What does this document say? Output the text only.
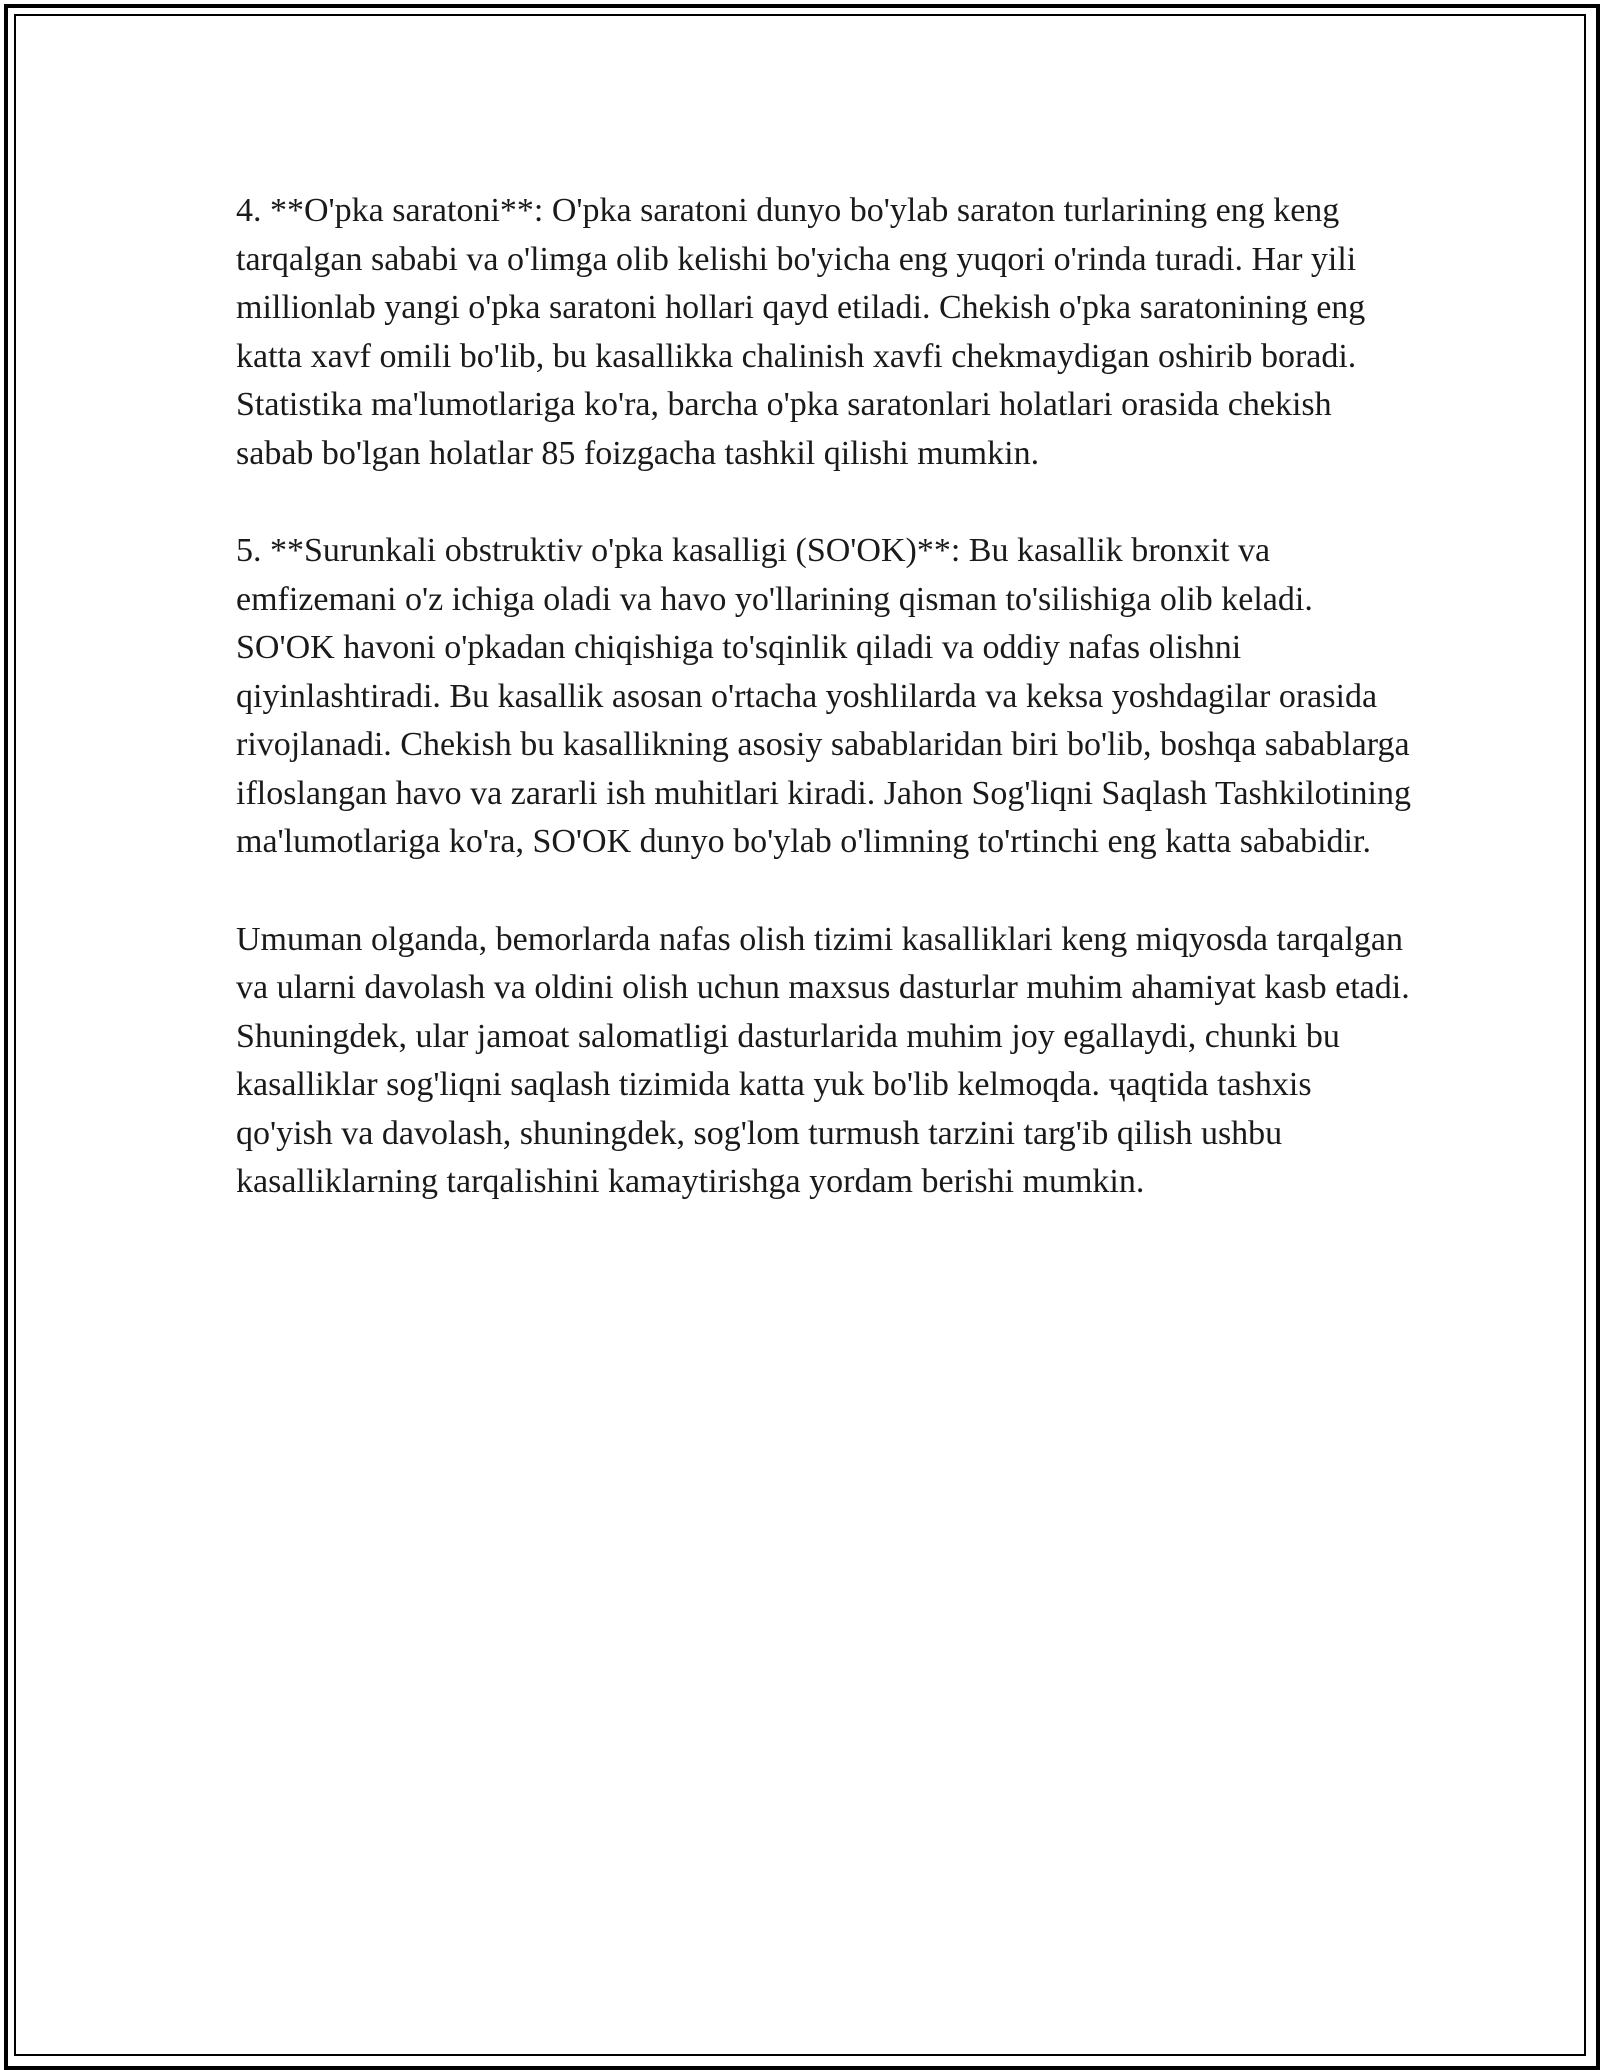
4. **O'pka saratoni**: O'pka saratoni dunyo bo'ylab saraton turlarining eng keng tarqalgan sababi va o'limga olib kelishi bo'yicha eng yuqori o'rinda turadi. Har yili millionlab yangi o'pka saratoni hollari qayd etiladi. Chekish o'pka saratonining eng katta xavf omili bo'lib, bu kasallikka chalinish xavfi chekmaydigan oshirib boradi. Statistika ma'lumotlariga ko'ra, barcha o'pka saratonlari holatlari orasida chekish sabab bo'lgan holatlar 85 foizgacha tashkil qilishi mumkin.

5. **Surunkali obstruktiv o'pka kasalligi (SO'OK)**: Bu kasallik bronxit va emfizemani o'z ichiga oladi va havo yo'llarining qisman to'silishiga olib keladi. SO'OK havoni o'pkadan chiqishiga to'sqinlik qiladi va oddiy nafas olishni qiyinlashtiradi. Bu kasallik asosan o'rtacha yoshlilarda va keksa yoshdagilar orasida rivojlanadi. Chekish bu kasallikning asosiy sabablaridan biri bo'lib, boshqa sabablarga ifloslangan havo va zararli ish muhitlari kiradi. Jahon Sog'liqni Saqlash Tashkilotining ma'lumotlariga ko'ra, SO'OK dunyo bo'ylab o'limning to'rtinchi eng katta sababidir.

Umuman olganda, bemorlarda nafas olish tizimi kasalliklari keng miqyosda tarqalgan va ularni davolash va oldini olish uchun maxsus dasturlar muhim ahamiyat kasb etadi. Shuningdek, ular jamoat salomatligi dasturlarida muhim joy egallaydi, chunki bu kasalliklar sog'liqni saqlash tizimida katta yuk bo'lib kelmoqda. ҷaqtida tashxis qo'yish va davolash, shuningdek, sog'lom turmush tarzini targ'ib qilish ushbu kasalliklarning tarqalishini kamaytirishga yordam berishi mumkin.
